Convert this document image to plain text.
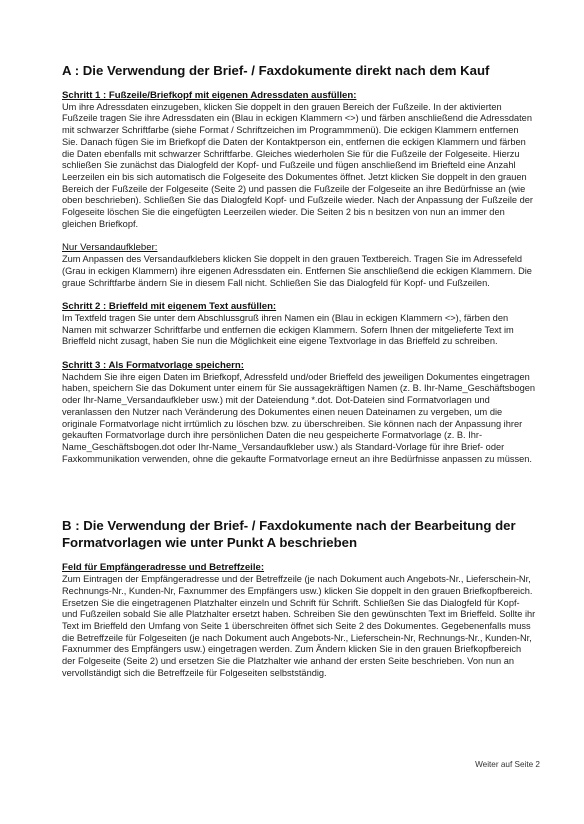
A : Die Verwendung der Brief- / Faxdokumente direkt nach dem Kauf
Schritt 1 : Fußzeile/Briefkopf mit eigenen Adressdaten ausfüllen:

Um ihre Adressdaten einzugeben, klicken Sie doppelt in den grauen Bereich der Fußzeile. In der aktivierten Fußzeile tragen Sie ihre Adressdaten ein (Blau in eckigen Klammern <>) und färben anschließend die Adressdaten mit schwarzer Schriftfarbe (siehe Format / Schriftzeichen im Programmmenü). Die eckigen Klammern entfernen Sie. Danach fügen Sie im Briefkopf die Daten der Kontaktperson ein, entfernen die eckigen Klammern und färben die Daten ebenfalls mit schwarzer Schriftfarbe. Gleiches wiederholen Sie für die Fußzeile der Folgeseite. Hierzu schließen Sie zunächst das Dialogfeld der Kopf- und Fußzeile und fügen anschließend im Briefteld eine Anzahl Leerzeilen ein bis sich automatisch die Folgeseite des Dokumentes öffnet. Jetzt klicken Sie doppelt in den grauen Bereich der Fußzeile der Folgeseite (Seite 2) und passen die Fußzeile der Folgeseite an ihre Bedürfnisse an (wie oben beschrieben). Schließen Sie das Dialogfeld Kopf- und Fußzeile wieder. Nach der Anpassung der Fußzeile der Folgeseite löschen Sie die eingefügten Leerzeilen wieder. Die Seiten 2 bis n besitzen von nun an immer den gleichen Briefkopf.

Nur Versandaufkleber:

Zum Anpassen des Versandaufklebers klicken Sie doppelt in den grauen Textbereich. Tragen Sie im Adressefeld (Grau in eckigen Klammern) ihre eigenen Adressdaten ein. Entfernen Sie anschließend die eckigen Klammern. Die graue Schriftfarbe ändern Sie in diesem Fall nicht. Schließen Sie das Dialogfeld für Kopf- und Fußzeilen.

Schritt 2 : Brieffeld mit eigenem Text ausfüllen:

Im Textfeld tragen Sie unter dem Abschlussgruß ihren Namen ein (Blau in eckigen Klammern <>), färben den Namen mit schwarzer Schriftfarbe und entfernen die eckigen Klammern. Sofern Ihnen der mitgelieferte Text im Brieffeld nicht zusagt, haben Sie nun die Möglichkeit eine eigene Textvorlage in das Brieffeld zu schreiben.

Schritt 3 : Als Formatvorlage speichern:

Nachdem Sie ihre eigen Daten im Briefkopf, Adressfeld und/oder Brieffeld des jeweiligen Dokumentes eingetragen haben, speichern Sie das Dokument unter einem für Sie aussagekräftigen Namen (z. B. Ihr-Name_Geschäftsbogen oder Ihr-Name_Versandaufkleber usw.) mit der Dateiendung *.dot. Dot-Dateien sind Formatvorlagen und veranlassen den Nutzer nach Veränderung des Dokumentes einen neuen Dateinamen zu vergeben, um die originale Formatvorlage nicht irrtümlich zu löschen bzw. zu überschreiben. Sie können nach der Anpassung ihrer gekauften Formatvorlage durch ihre persönlichen Daten die neu gespeicherte Formatvorlage (z. B. Ihr-Name_Geschäftsbogen.dot oder Ihr-Name_Versandaufkleber usw.) als Standard-Vorlage für ihre Brief- oder Faxkommunikation verwenden, ohne die gekaufte Formatvorlage erneut an ihre Bedürfnisse anpassen zu müssen.

B : Die Verwendung der Brief- / Faxdokumente nach der Bearbeitung der Formatvorlagen wie unter Punkt A beschrieben
Feld für Empfängeradresse und Betreffzeile:

Zum Eintragen der Empfängeradresse und der Betreffzeile (je nach Dokument auch Angebots-Nr., Lieferschein-Nr, Rechnungs-Nr., Kunden-Nr, Faxnummer des Empfängers usw.) klicken Sie doppelt in den grauen Briefkopfbereich. Ersetzen Sie die eingetragenen Platzhalter einzeln und Schrift für Schrift. Schließen Sie das Dialogfeld für Kopf- und Fußzeilen sobald Sie alle Platzhalter ersetzt haben. Schreiben Sie den gewünschten Text im Brieffeld. Sollte ihr Text im Brieffeld den Umfang von Seite 1 überschreiten öffnet sich Seite 2 des Dokumentes. Gegebenenfalls muss die Betreffzeile für Folgeseiten (je nach Dokument auch Angebots-Nr., Lieferschein-Nr, Rechnungs-Nr., Kunden-Nr, Faxnummer des Empfängers usw.) eingetragen werden. Zum Ändern klicken Sie in den grauen Briefkopfbereich der Folgeseite (Seite 2) und ersetzen Sie die Platzhalter wie anhand der ersten Seite beschrieben. Von nun an vervollständigt sich die Betreffzeile für Folgeseiten selbstständig.

Weiter auf Seite 2
